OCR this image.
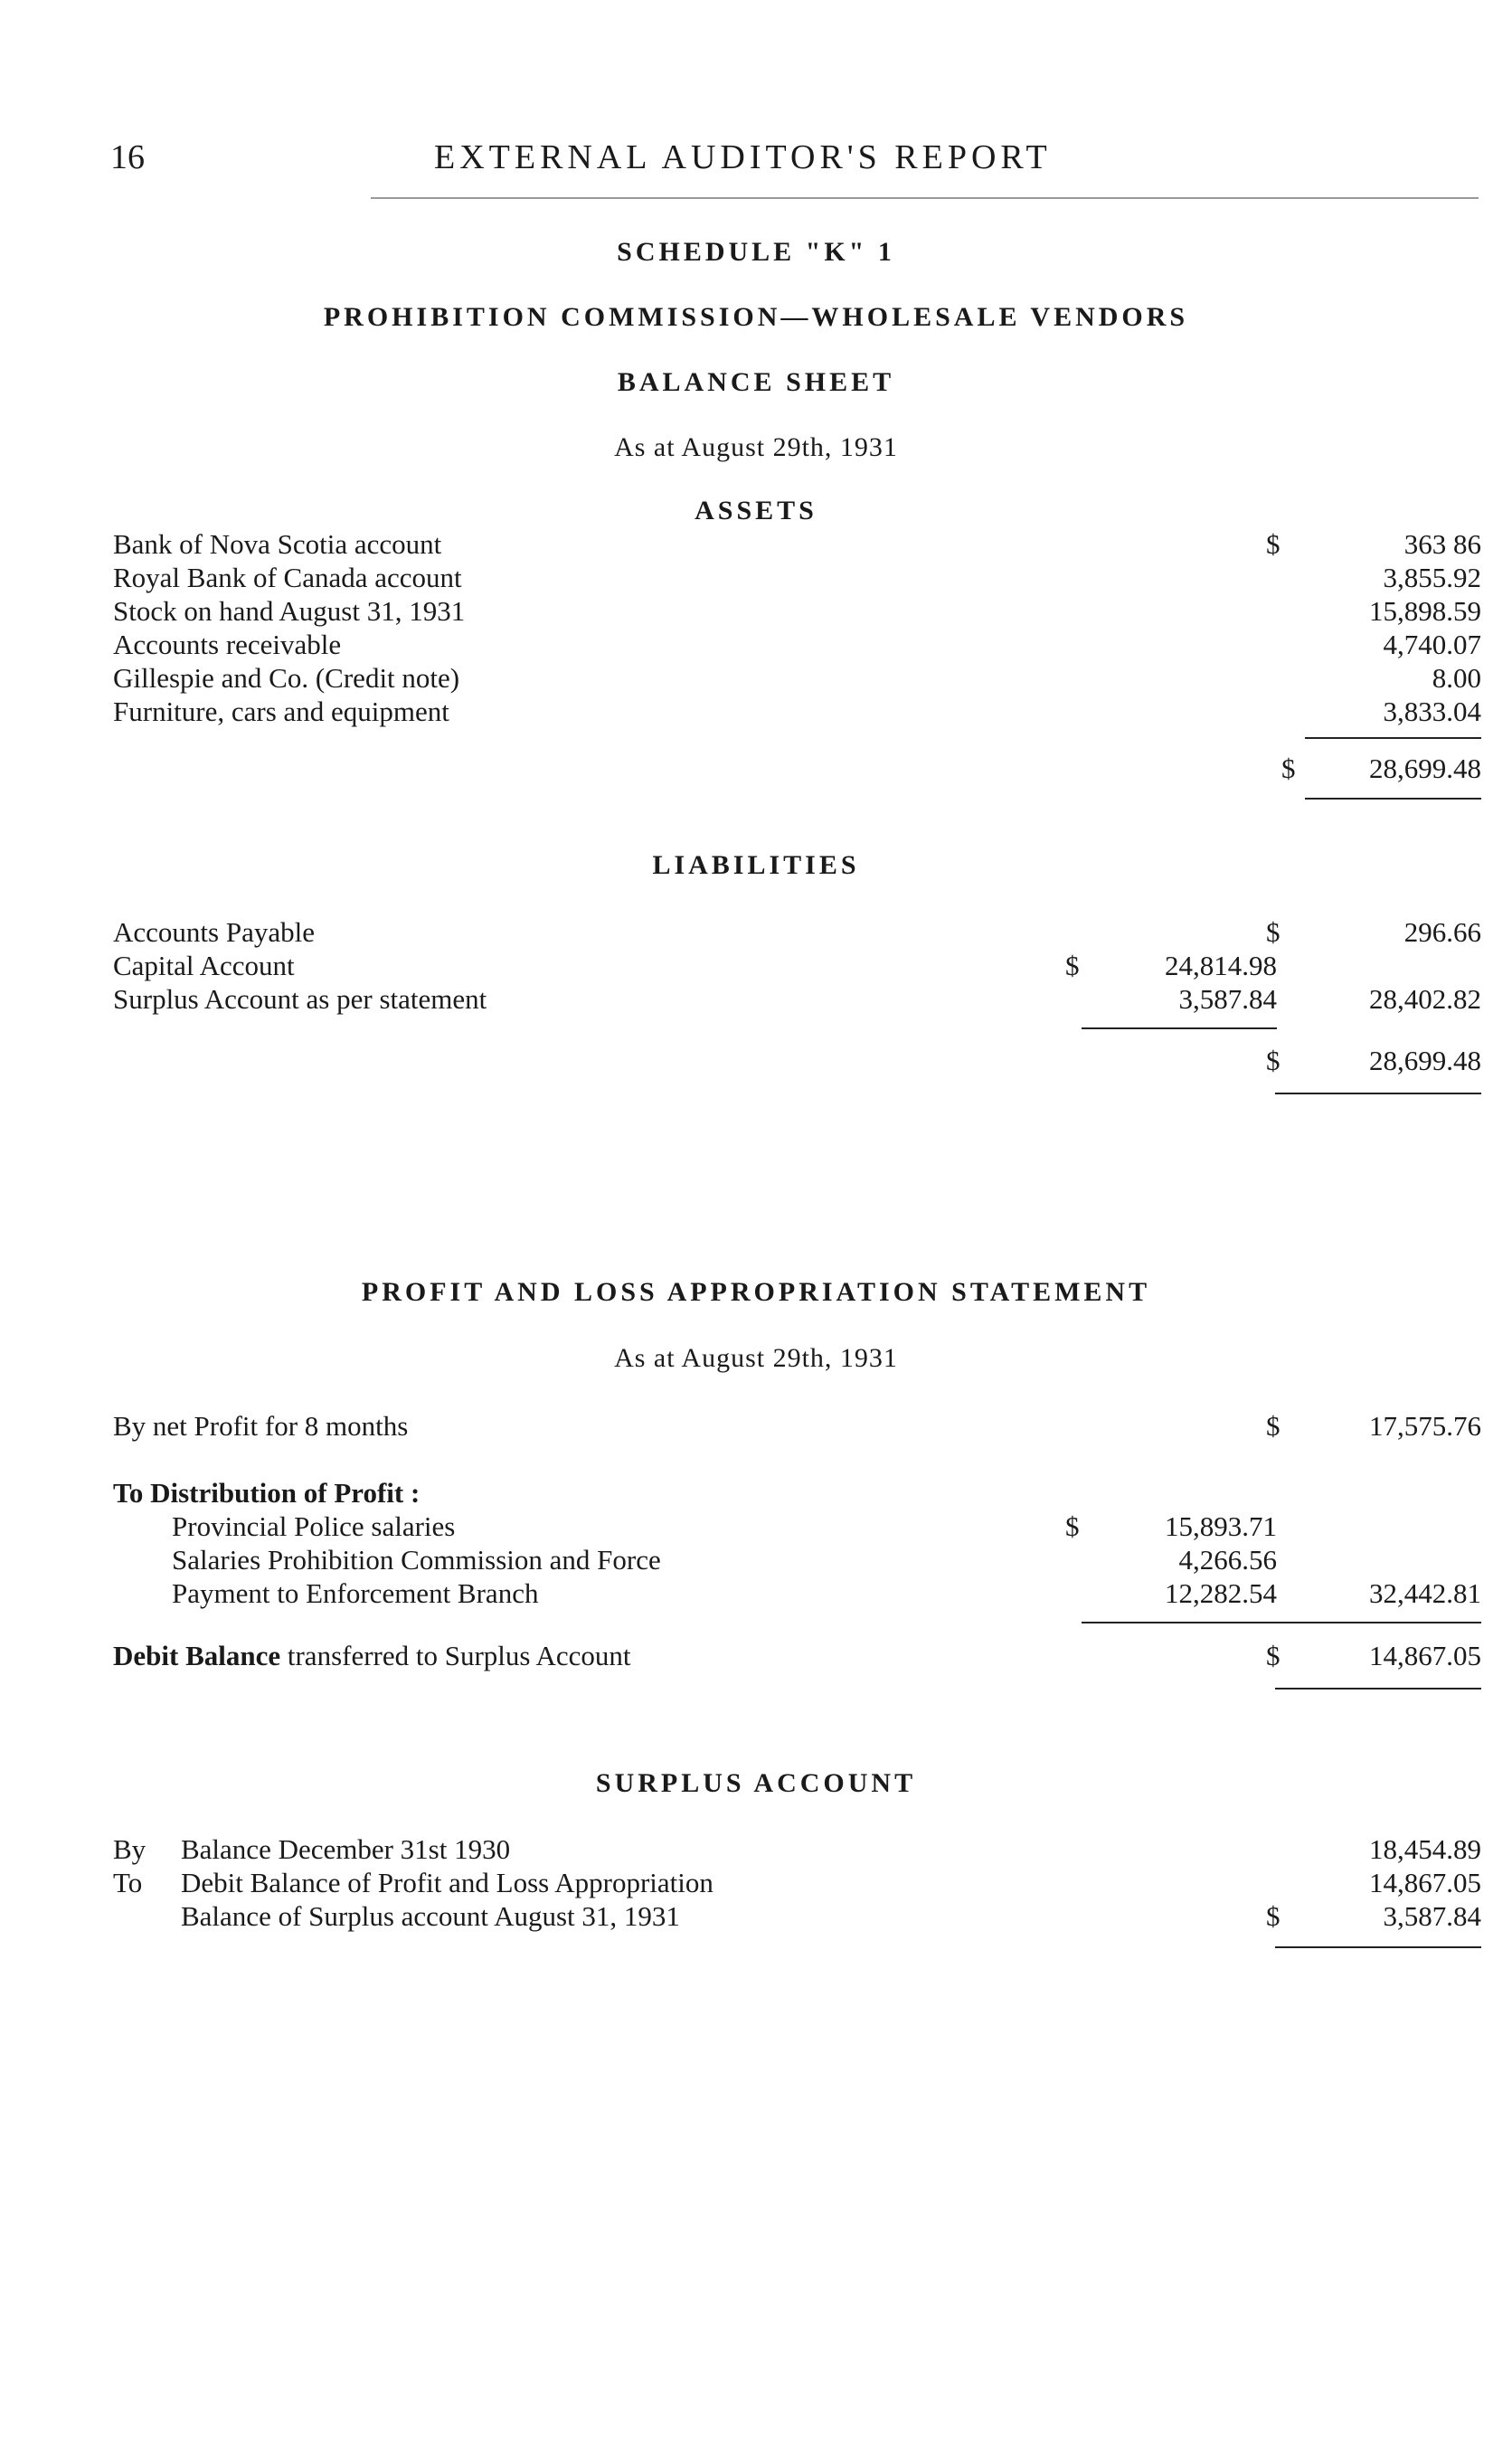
16	EXTERNAL AUDITOR'S REPORT
SCHEDULE "K" 1
PROHIBITION COMMISSION—WHOLESALE VENDORS
BALANCE SHEET
As at August 29th, 1931
ASSETS
Bank of Nova Scotia account	$	363 86
Royal Bank of Canada account	3,855.92
Stock on hand August 31, 1931	15,898.59
Accounts receivable	4,740.07
Gillespie and Co. (Credit note)	8.00
Furniture, cars and equipment	3,833.04
$	28,699.48
LIABILITIES
Accounts Payable	$	296.66
Capital Account	$	24,814.98
Surplus Account as per statement	3,587.84	28,402.82
$	28,699.48
PROFIT AND LOSS APPROPRIATION STATEMENT
As at August 29th, 1931
By net Profit for 8 months	$	17,575.76
To Distribution of Profit :
Provincial Police salaries	$	15,893.71
Salaries Prohibition Commission and Force	4,266.56
Payment to Enforcement Branch	12,282.54	32,442.81
Debit Balance transferred to Surplus Account	$	14,867.05
SURPLUS ACCOUNT
By Balance December 31st 1930	18,454.89
To Debit Balance of Profit and Loss Appropriation	14,867.05
Balance of Surplus account August 31, 1931	$	3,587.84
